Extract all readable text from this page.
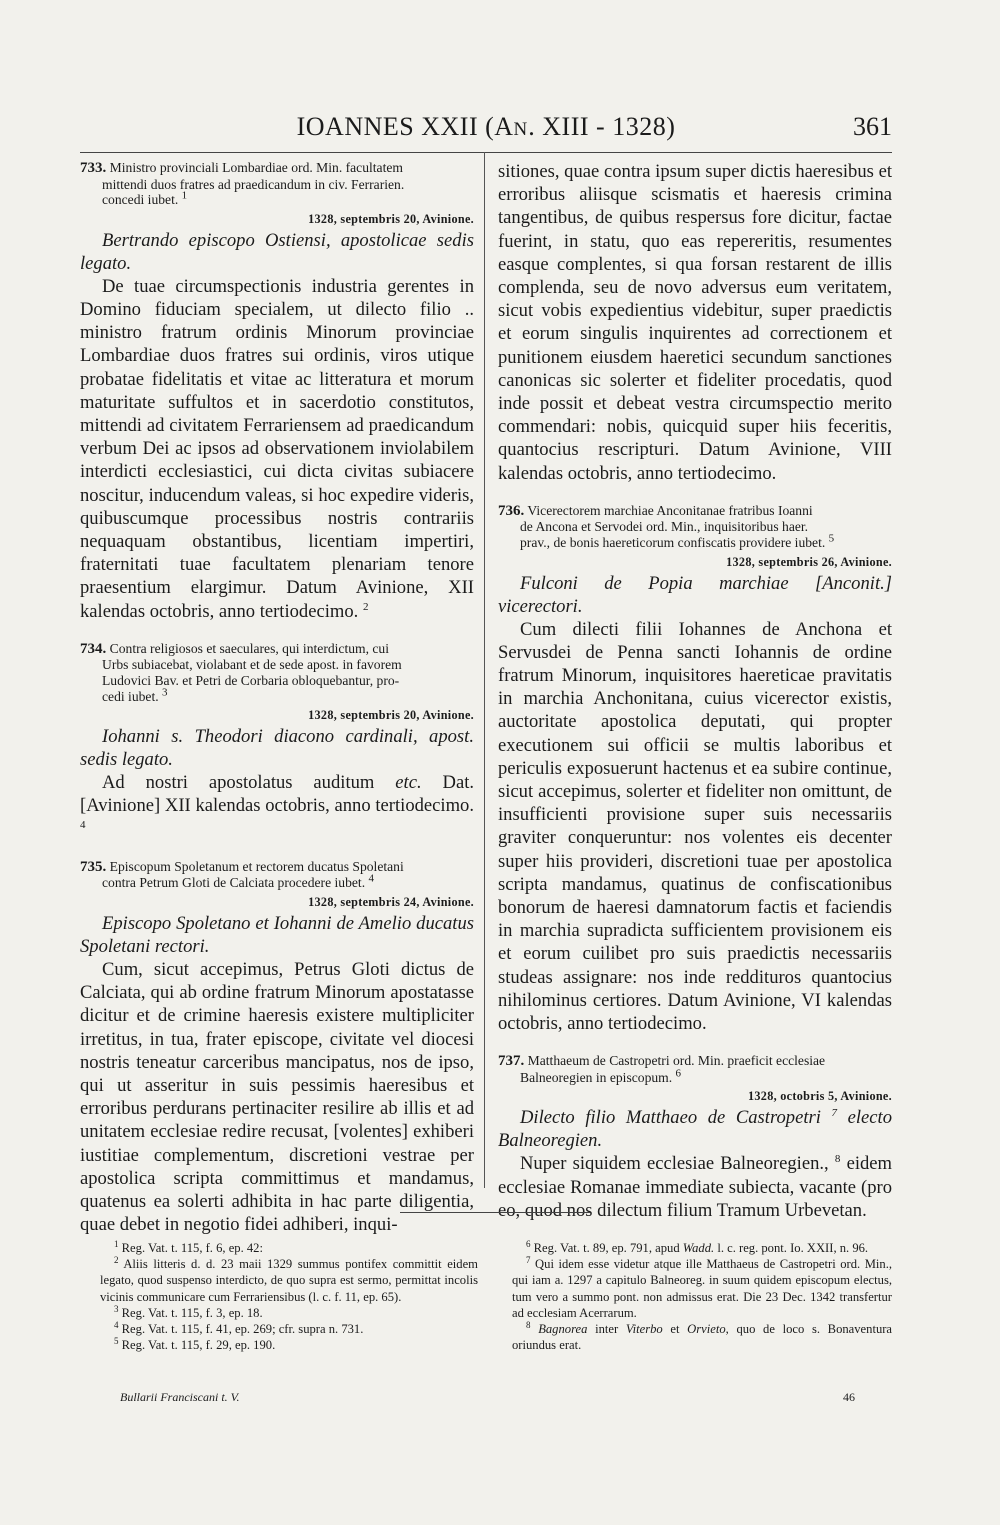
IOANNES XXII (AN. XIII - 1328)	361
733. Ministro provinciali Lombardiae ord. Min. facultatem
mittendi duos fratres ad praedicandum in civ. Ferrarien.
concedi iubet. $^1$
1328, septembris 20, Avinione.

Bertrando episcopo Ostiensi, apostolicae sedis legato.

De tuae circumspectionis industria gerentes in Domino fiduciam specialem, ut dilecto filio .. ministro fratrum ordinis Minorum provinciae Lombardiae duos fratres sui ordinis, viros utique probatae fidelitatis et vitae ac litteratura et morum maturitate suffultos et in sacerdotio constitutos, mittendi ad civitatem Ferrariensem ad praedicandum verbum Dei ac ipsos ad observationem inviolabilem interdicti ecclesiastici, cui dicta civitas subiacere noscitur, inducendum valeas, si hoc expedire videris, quibuscumque processibus nostris contrariis nequaquam obstantibus, licentiam impertiri, fraternitati tuae facultatem plenariam tenore praesentium elargimur. Datum Avinione, XII kalendas octobris, anno tertiodecimo. $^2$

734. Contra religiosos et saeculares, qui interdictum, cui
Urbs subiacebat, violabant et de sede apost. in favorem
Ludovici Bav. et Petri de Corbaria obloquebantur, pro-
cedi iubet. $^3$
1328, septembris 20, Avinione.

Iohanni s. Theodori diacono cardinali, apost. sedis legato.

Ad nostri apostolatus auditum etc. Dat. [Avinione] XII kalendas octobris, anno tertiodecimo. $^4$

735. Episcopum Spoletanum et rectorem ducatus Spoletani
contra Petrum Gloti de Calciata procedere iubet. $^4$
1328, septembris 24, Avinione.

Episcopo Spoletano et Iohanni de Amelio ducatus Spoletani rectori.

Cum, sicut accepimus, Petrus Gloti dictus de Calciata, qui ab ordine fratrum Minorum apostatasse dicitur et de crimine haeresis existere multipliciter irretitus, in tua, frater episcope, civitate vel diocesi nostris teneatur carceribus mancipatus, nos de ipso, qui ut asseritur in suis pessimis haeresibus et erroribus perdurans pertinaciter resilire ab illis et ad unitatem ecclesiae redire recusat, [volentes] exhiberi iustitiae complementum, discretioni vestrae per apostolica scripta committimus et mandamus, quatenus ea solerti adhibita in hac parte diligentia, quae debet in negotio fidei adhiberi, inqui-

sitiones, quae contra ipsum super dictis haeresibus et erroribus aliisque scismatis et haeresis crimina tangentibus, de quibus respersus fore dicitur, factae fuerint, in statu, quo eas repereritis, resumentes easque complentes, si qua forsan restarent de illis complenda, seu de novo adversus eum veritatem, sicut vobis expedientius videbitur, super praedictis et eorum singulis inquirentes ad correctionem et punitionem eiusdem haeretici secundum sanctiones canonicas sic solerter et fideliter procedatis, quod inde possit et debeat vestra circumspectio merito commendari: nobis, quicquid super hiis feceritis, quantocius rescripturi. Datum Avinione, VIII kalendas octobris, anno tertiodecimo.

736. Vicerectorem marchiae Anconitanae fratribus Ioanni
de Ancona et Servodei ord. Min., inquisitoribus haer.
prav., de bonis haereticorum confiscatis providere iubet. $^5$
1328, septembris 26, Avinione.

Fulconi de Popia marchiae [Anconit.] vicerectori.

Cum dilecti filii Iohannes de Anchona et Servusdei de Penna sancti Iohannis de ordine fratrum Minorum, inquisitores haereticae pravitatis in marchia Anchonitana, cuius vicerector existis, auctoritate apostolica deputati, qui propter executionem sui officii se multis laboribus et periculis exposuerunt hactenus et ea subire continue, sicut accepimus, solerter et fideliter non omittunt, de insufficienti provisione super suis necessariis graviter conqueruntur: nos volentes eis decenter super hiis provideri, discretioni tuae per apostolica scripta mandamus, quatinus de confiscationibus bonorum de haeresi damnatorum factis et faciendis in marchia supradicta sufficientem provisionem eis et eorum cuilibet pro suis praedictis necessariis studeas assignare: nos inde reddituros quantocius nihilominus certiores. Datum Avinione, VI kalendas octobris, anno tertiodecimo.

737. Matthaeum de Castropetri ord. Min. praeficit ecclesiae
Balneoregien in episcopum. $^6$
1328, octobris 5, Avinione.

Dilecto filio Matthaeo de Castropetri $^7$ electo Balneoregien.

Nuper siquidem ecclesiae Balneoregien., $^8$ eidem ecclesiae Romanae immediate subiecta, vacante (pro eo, quod nos dilectum filium Tramum Urbevetan.

$^1$ Reg. Vat. t. 115, f. 6, ep. 42:

$^2$ Aliis litteris d. d. 23 maii 1329 summus pontifex committit eidem legato, quod suspenso interdicto, de quo supra est sermo, permittat incolis vicinis communicare cum Ferrariensibus (l. c. f. 11, ep. 65).

$^3$ Reg. Vat. t. 115, f. 3, ep. 18.

$^4$ Reg. Vat. t. 115, f. 41, ep. 269; cfr. supra n. 731.

$^5$ Reg. Vat. t. 115, f. 29, ep. 190.

$^6$ Reg. Vat. t. 89, ep. 791, apud Wadd. l. c. reg. pont. Io. XXII, n. 96.

$^7$ Qui idem esse videtur atque ille Matthaeus de Castropetri ord. Min., qui iam a. 1297 a capitulo Balneoreg. in suum quidem episcopum electus, tum vero a summo pont. non admissus erat. Die 23 Dec. 1342 transfertur ad ecclesiam Acerrarum.

$^8$ Bagnorea inter Viterbo et Orvieto, quo de loco s. Bonaventura oriundus erat.

Bullarii Franciscani t. V.	46
